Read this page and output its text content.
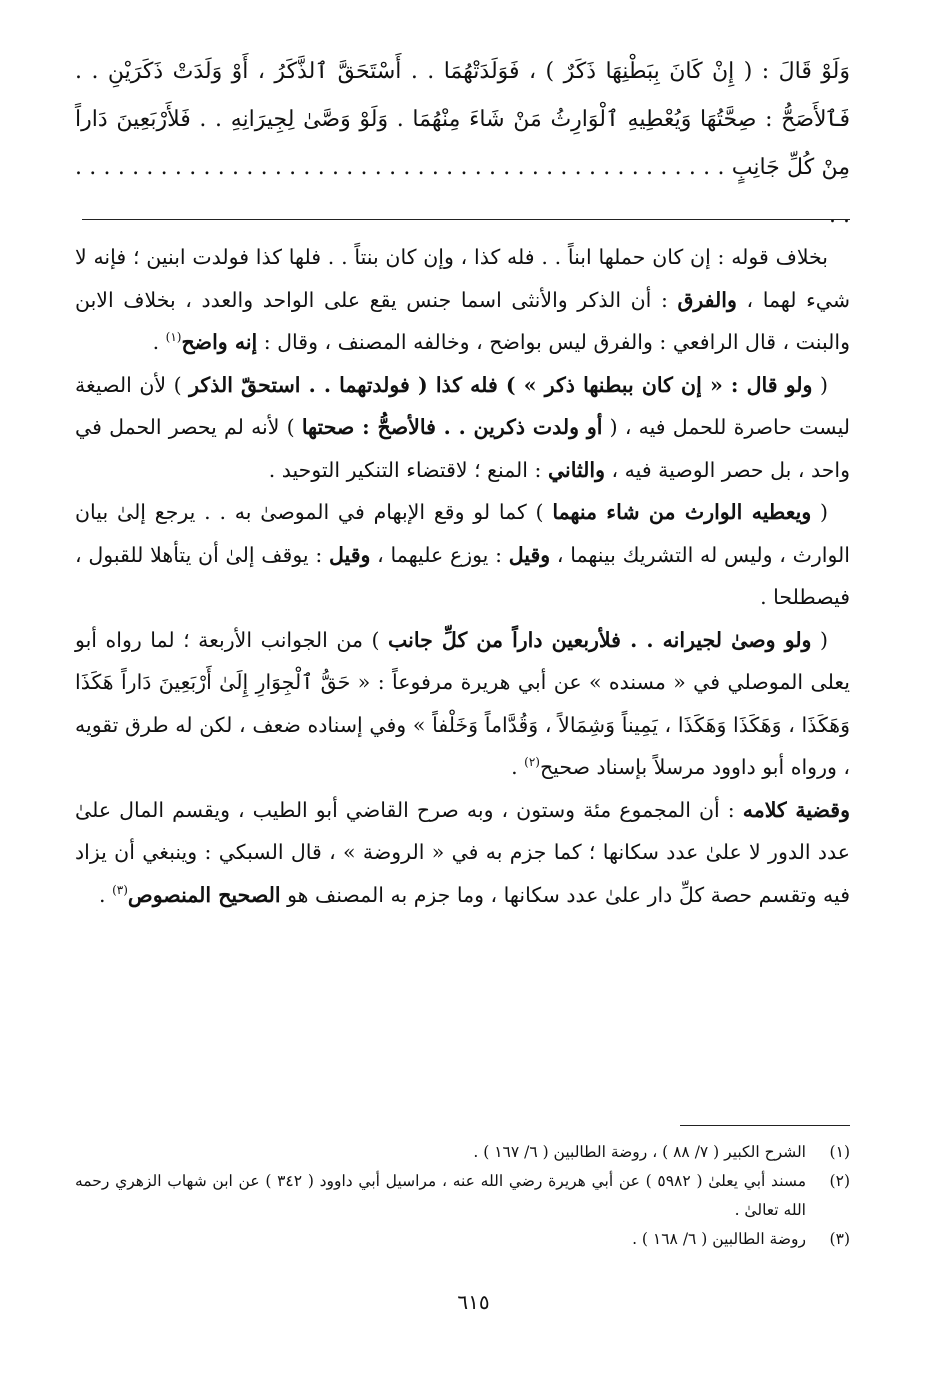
وَلَوْ قَالَ : ( إِنْ كَانَ بِبَطْنِهَا ذَكَرٌ ) ، فَوَلَدَتْهُمَا . . أَسْتَحَقَّ ٱلذَّكَرُ ، أَوْ وَلَدَتْ ذَكَرَيْنِ . . فَٱلأَصَحُّ : صِحَّتُهَا وَيُعْطِيهِ ٱلْوَارِثُ مَنْ شَاءَ مِنْهُمَا . وَلَوْ وَصَّىٰ لِجِيرَانِهِ . . فَلأَرْبَعِينَ دَاراً مِنْ كُلِّ جَانِبٍ . . . . . . . . . . . . . . . . . . . . . . . . . . . . . . . . . . . . . . . . . . . . . . . .

بخلاف قوله : إن كان حملها ابناً . . فله كذا ، وإن كان بنتاً . . فلها كذا فولدت ابنين ؛ فإنه لا شيء لهما ، والفرق : أن الذكر والأنثى اسما جنس يقع على الواحد والعدد ، بخلاف الابن والبنت ، قال الرافعي : والفرق ليس بواضح ، وخالفه المصنف ، وقال : إنه واضح$^{(١)}$ .

( ولو قال : « إن كان ببطنها ذكر » ) فله كذا ( فولدتهما . . استحقّ الذكر ) لأن الصيغة ليست حاصرة للحمل فيه ، ( أو ولدت ذكرين . . فالأصحُّ : صحتها ) لأنه لم يحصر الحمل في واحد ، بل حصر الوصية فيه ، والثاني : المنع ؛ لاقتضاء التنكير التوحيد .

( ويعطيه الوارث من شاء منهما ) كما لو وقع الإبهام في الموصىٰ به . . يرجع إلىٰ بيان الوارث ، وليس له التشريك بينهما ، وقيل : يوزع عليهما ، وقيل : يوقف إلىٰ أن يتأهلا للقبول ، فيصطلحا .

( ولو وصىٰ لجيرانه . . فلأربعين داراً من كلِّ جانب ) من الجوانب الأربعة ؛ لما رواه أبو يعلى الموصلي في « مسنده » عن أبي هريرة مرفوعاً : « حَقُّ ٱلْجِوَارِ إِلَىٰ أَرْبَعِينَ دَاراً هَكَذَا وَهَكَذَا ، وَهَكَذَا وَهَكَذَا ، يَمِيناً وَشِمَالاً ، وَقُدَّاماً وَخَلْفاً » وفي إسناده ضعف ، لكن له طرق تقويه ، ورواه أبو داوود مرسلاً بإسناد صحيح$^{(٢)}$ .

وقضية كلامه : أن المجموع مئة وستون ، وبه صرح القاضي أبو الطيب ، ويقسم المال علىٰ عدد الدور لا علىٰ عدد سكانها ؛ كما جزم به في « الروضة » ، قال السبكي : وينبغي أن يزاد فيه وتقسم حصة كلِّ دار علىٰ عدد سكانها ، وما جزم به المصنف هو الصحيح المنصوص$^{(٣)}$ .

(١)
الشرح الكبير ( ٧/ ٨٨ ) ، روضة الطالبين ( ٦/ ١٦٧ ) .
(٢)
مسند أبي يعلىٰ ( ٥٩٨٢ ) عن أبي هريرة رضي الله عنه ، مراسيل أبي داوود ( ٣٤٢ ) عن ابن شهاب الزهري رحمه الله تعالىٰ .
(٣)
روضة الطالبين ( ٦/ ١٦٨ ) .
٦١٥
